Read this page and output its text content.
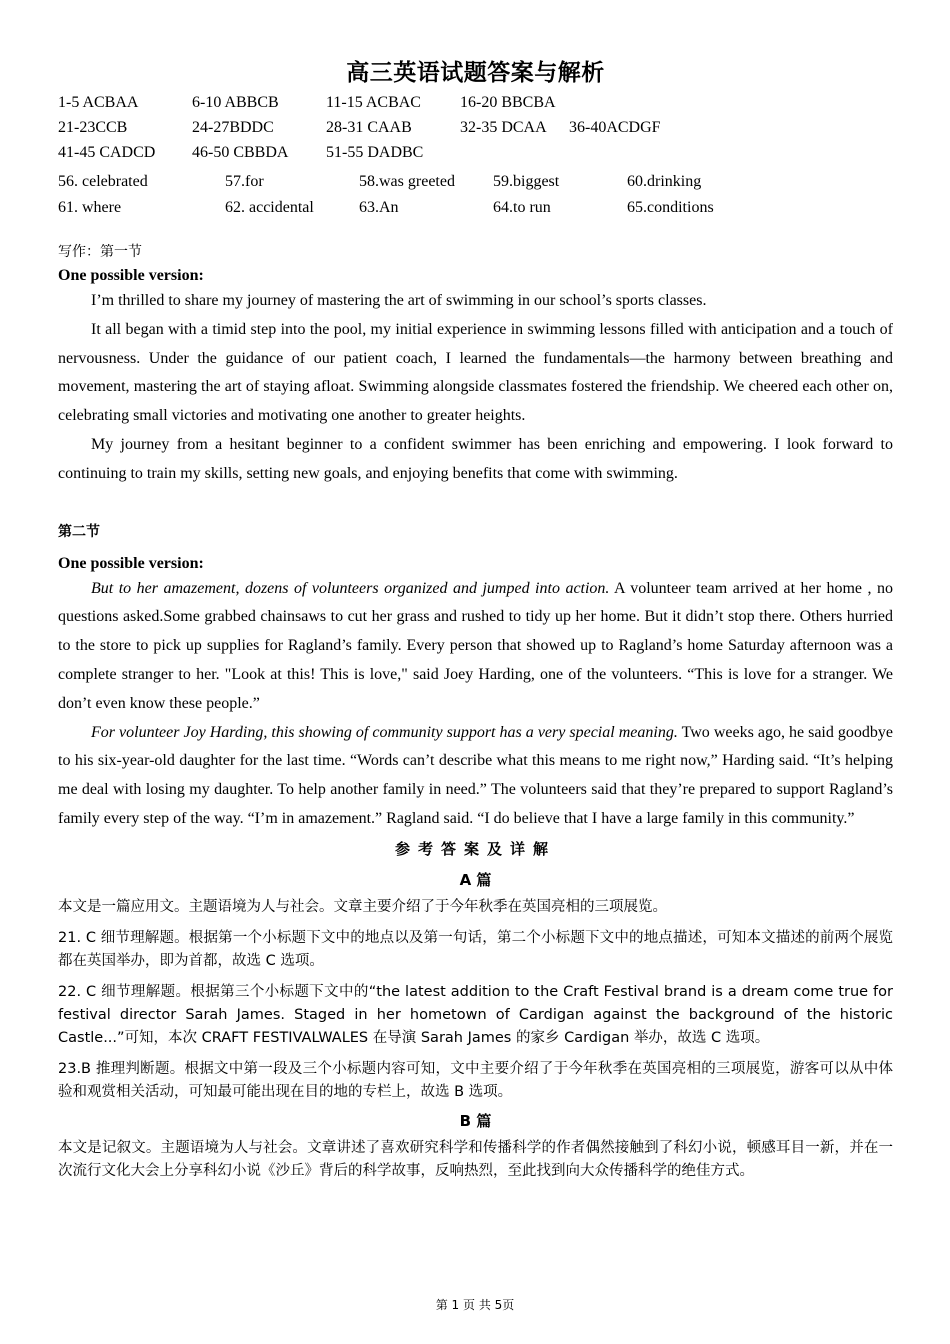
高三英语试题答案与解析
1-5 ACBAA	6-10 ABBCB	11-15 ACBAC	16-20 BBCBA
21-23CCB	24-27BDDC	28-31 CAAB	32-35 DCAA	36-40ACDGF
41-45 CADCD	46-50 CBBDA	51-55 DADBC
56. celebrated	57.for	58.was greeted	59.biggest	60.drinking
61. where	62. accidental	63.An	64.to run	65.conditions
写作：第一节
One possible version:

I’m thrilled to share my journey of mastering the art of swimming in our school’s sports classes.

It all began with a timid step into the pool, my initial experience in swimming lessons filled with anticipation and a touch of nervousness. Under the guidance of our patient coach, I learned the fundamentals—the harmony between breathing and movement, mastering the art of staying afloat. Swimming alongside classmates fostered the friendship. We cheered each other on, celebrating small victories and motivating one another to greater heights.

My journey from a hesitant beginner to a confident swimmer has been enriching and empowering. I look forward to continuing to train my skills, setting new goals, and enjoying benefits that come with swimming.

第二节
One possible version:

But to her amazement, dozens of volunteers organized and jumped into action. A volunteer team arrived at her home , no questions asked.Some grabbed chainsaws to cut her grass and rushed to tidy up her home. But it didn’t stop there. Others hurried to the store to pick up supplies for Ragland’s family. Every person that showed up to Ragland’s home Saturday afternoon was a complete stranger to her. "Look at this! This is love," said Joey Harding, one of the volunteers. “This is love for a stranger. We don’t even know these people.”

For volunteer Joy Harding, this showing of community support has a very special meaning. Two weeks ago, he said goodbye to his six-year-old daughter for the last time. “Words can’t describe what this means to me right now,” Harding said. “It’s helping me deal with losing my daughter. To help another family in need.” The volunteers said that they’re prepared to support Ragland’s family every step of the way. “I’m in amazement.” Ragland said. “I do believe that I have a large family in this community.”

参考答案及详解
A 篇

本文是一篇应用文。主题语境为人与社会。文章主要介绍了于今年秋季在英国亮相的三项展览。

21. C 细节理解题。根据第一个小标题下文中的地点以及第一句话，第二个小标题下文中的地点描述，可知本文描述的前两个展览都在英国举办，即为首都，故选 C 选项。

22. C 细节理解题。根据第三个小标题下文中的“the latest addition to the Craft Festival brand is a dream come true for festival director Sarah James. Staged in her hometown of Cardigan against the background of the historic Castle...”可知，本次 CRAFT FESTIVALWALES 在导演 Sarah James 的家乡 Cardigan 举办，故选 C 选项。

23.B 推理判断题。根据文中第一段及三个小标题内容可知，文中主要介绍了于今年秋季在英国亮相的三项展览，游客可以从中体验和观赏相关活动，可知最可能出现在目的地的专栏上，故选 B 选项。

B 篇

本文是记叙文。主题语境为人与社会。文章讲述了喜欢研究科学和传播科学的作者偶然接触到了科幻小说，顿感耳目一新，并在一次流行文化大会上分享科幻小说《沙丘》背后的科学故事，反响热烈，至此找到向大众传播科学的绝佳方式。

第 1 页 共 5页
